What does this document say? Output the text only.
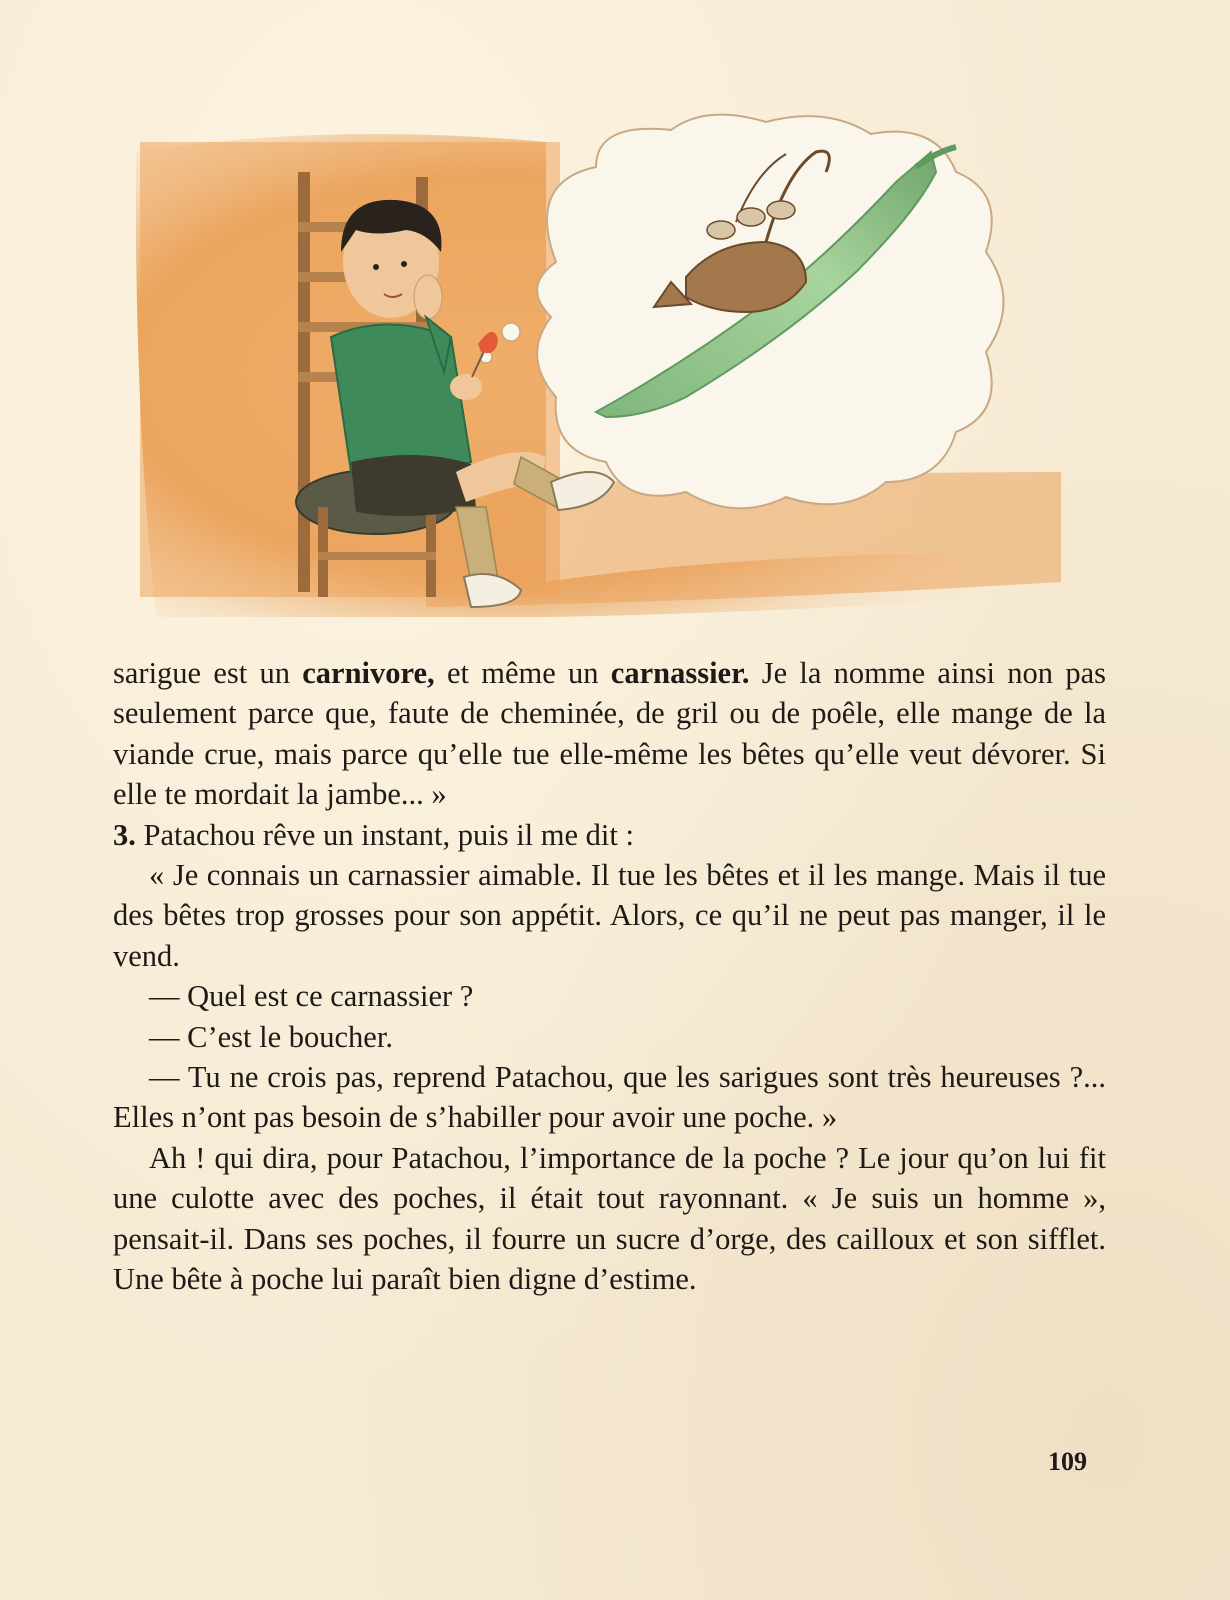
sarigue est un carnivore, et même un carnassier. Je la nomme ainsi non pas seulement parce que, faute de cheminée, de gril ou de poêle, elle mange de la viande crue, mais parce qu’elle tue elle-même les bêtes qu’elle veut dévorer. Si elle te mordait la jambe... »

3. Patachou rêve un instant, puis il me dit :

« Je connais un carnassier aimable. Il tue les bêtes et il les mange. Mais il tue des bêtes trop grosses pour son appétit. Alors, ce qu’il ne peut pas manger, il le vend.

— Quel est ce carnassier ?

— C’est le boucher.

— Tu ne crois pas, reprend Patachou, que les sarigues sont très heureuses ?... Elles n’ont pas besoin de s’habiller pour avoir une poche. »

Ah ! qui dira, pour Patachou, l’importance de la poche ? Le jour qu’on lui fit une culotte avec des poches, il était tout rayonnant. « Je suis un homme », pensait-il. Dans ses poches, il fourre un sucre d’orge, des cailloux et son sifflet. Une bête à poche lui paraît bien digne d’estime.

109
